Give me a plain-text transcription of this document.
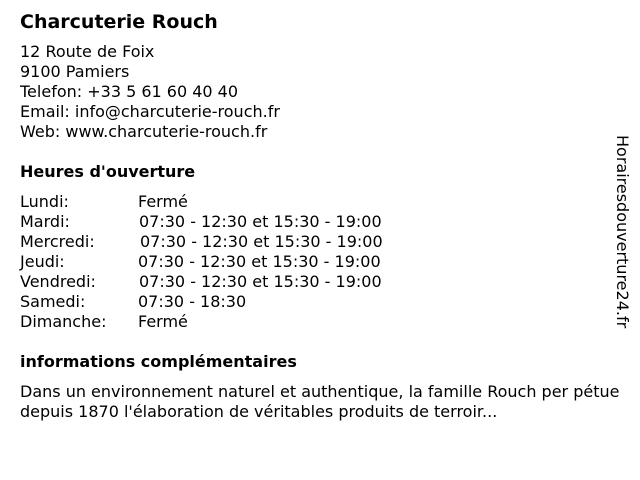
Charcuterie Rouch
12 Route de Foix
9100 Pamiers
Telefon: +33 5 61 60 40 40
Email: info@charcuterie-rouch.fr
Web: www.charcuterie-rouch.fr
Heures d'ouverture
Lundi:	Fermé
Mardi:	07:30 - 12:30 et 15:30 - 19:00
Mercredi:	07:30 - 12:30 et 15:30 - 19:00
Jeudi:	07:30 - 12:30 et 15:30 - 19:00
Vendredi:	07:30 - 12:30 et 15:30 - 19:00
Samedi:	07:30 - 18:30
Dimanche: Fermé
informations complémentaires
Dans un environnement naturel et authentique, la famille Rouch per pétue depuis 1870 l'élaboration de véritables produits de terroir...
Horairesdouverture24.fr
